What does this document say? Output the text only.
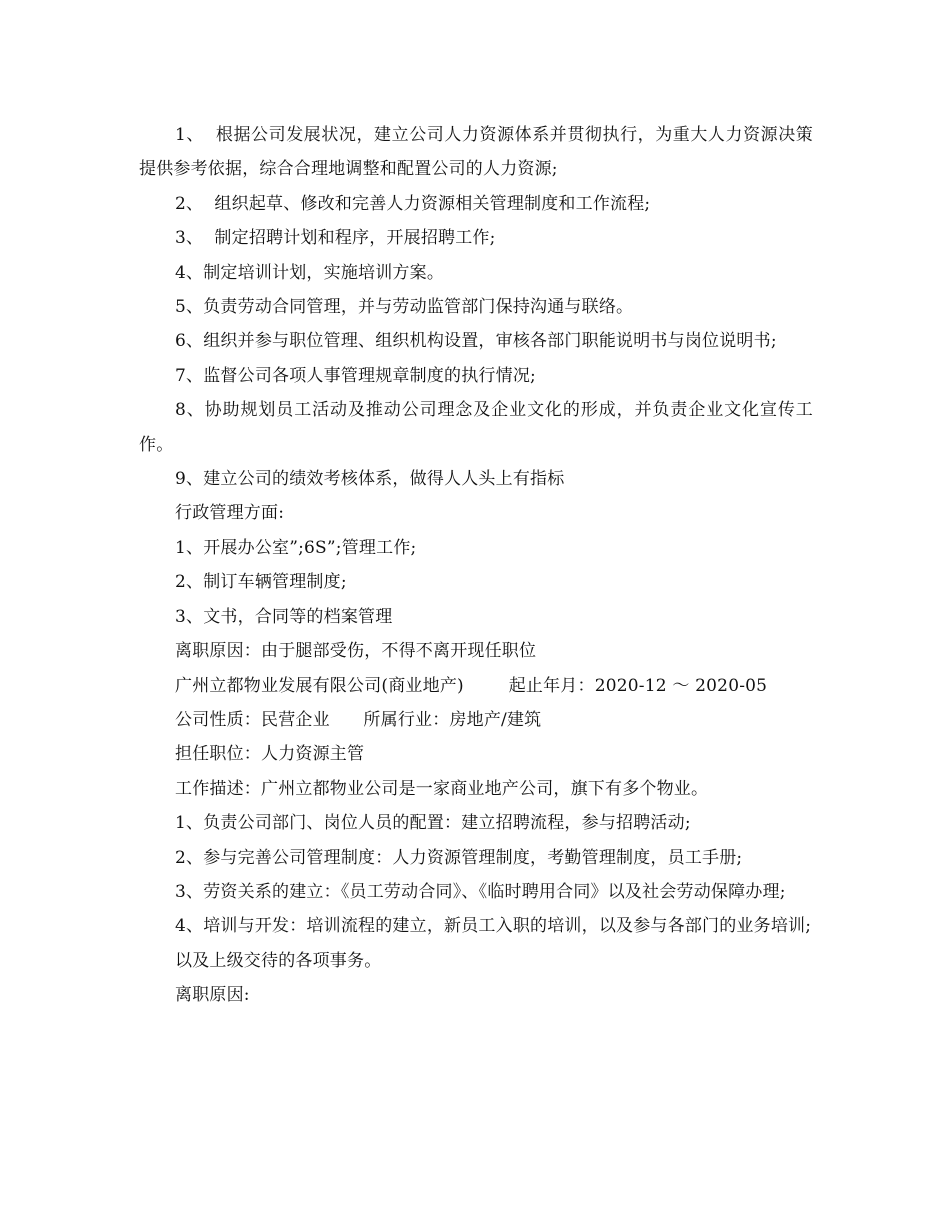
1、  根据公司发展状况，建立公司人力资源体系并贯彻执行，为重大人力资源决策提供参考依据，综合合理地调整和配置公司的人力资源;

2、  组织起草、修改和完善人力资源相关管理制度和工作流程;

3、  制定招聘计划和程序，开展招聘工作;

4、制定培训计划，实施培训方案。

5、负责劳动合同管理，并与劳动监管部门保持沟通与联络。

6、组织并参与职位管理、组织机构设置，审核各部门职能说明书与岗位说明书;

7、监督公司各项人事管理规章制度的执行情况;

8、协助规划员工活动及推动公司理念及企业文化的形成，并负责企业文化宣传工作。

9、建立公司的绩效考核体系，做得人人头上有指标

行政管理方面:

1、开展办公室”;6S”;管理工作;

2、制订车辆管理制度;

3、文书，合同等的档案管理

离职原因：由于腿部受伤，不得不离开现任职位

广州立都物业发展有限公司(商业地产)        起止年月：2020-12 ～ 2020-05

公司性质：民营企业      所属行业：房地产/建筑

担任职位：人力资源主管

工作描述：广州立都物业公司是一家商业地产公司，旗下有多个物业。

1、负责公司部门、岗位人员的配置：建立招聘流程，参与招聘活动;

2、参与完善公司管理制度：人力资源管理制度，考勤管理制度，员工手册;

3、劳资关系的建立：《员工劳动合同》、《临时聘用合同》以及社会劳动保障办理;

4、培训与开发：培训流程的建立，新员工入职的培训，以及参与各部门的业务培训;

以及上级交待的各项事务。

离职原因:
